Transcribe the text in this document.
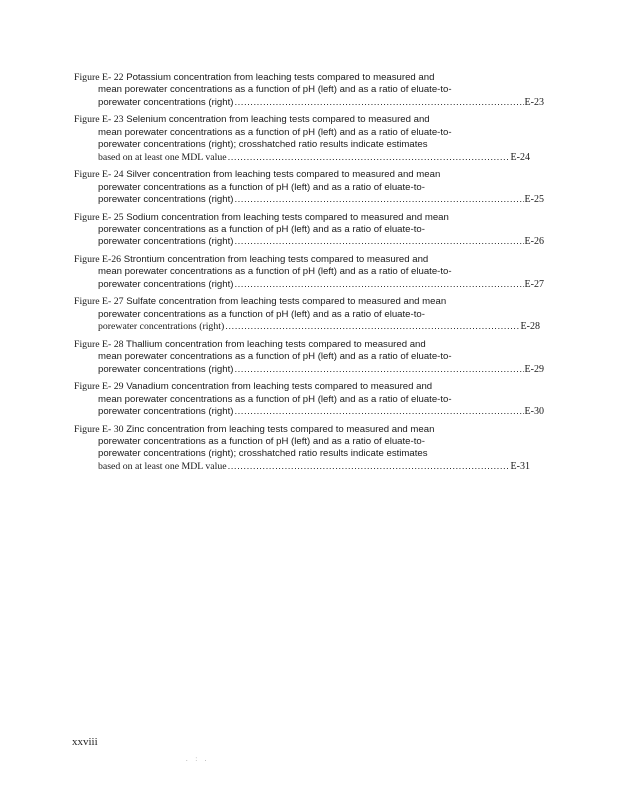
Figure E- 22 Potassium concentration from leaching tests compared to measured and
mean porewater concentrations as a function of pH (left) and as a ratio of eluate-to-
porewater concentrations (right) .....	E-23
Figure E- 23 Selenium concentration from leaching tests compared to measured and
mean porewater concentrations as a function of pH (left) and as a ratio of eluate-to-
porewater concentrations (right); crosshatched ratio results indicate estimates
based on at least one MDL value .....	E-24
Figure E- 24 Silver concentration from leaching tests compared to measured and mean
porewater concentrations as a function of pH (left) and as a ratio of eluate-to-
porewater concentrations (right) .....	E-25
Figure E- 25 Sodium concentration from leaching tests compared to measured and mean
porewater concentrations as a function of pH (left) and as a ratio of eluate-to-
porewater concentrations (right) .....	E-26
Figure E-26 Strontium concentration from leaching tests compared to measured and
mean porewater concentrations as a function of pH (left) and as a ratio of eluate-to-
porewater concentrations (right) .....	E-27
Figure E- 27 Sulfate concentration from leaching tests compared to measured and mean
porewater concentrations as a function of pH (left) and as a ratio of eluate-to-
porewater concentrations (right) .....	E-28
Figure E- 28 Thallium concentration from leaching tests compared to measured and
mean porewater concentrations as a function of pH (left) and as a ratio of eluate-to-
porewater concentrations (right) .....	E-29
Figure E- 29 Vanadium concentration from leaching tests compared to measured and
mean porewater concentrations as a function of pH (left) and as a ratio of eluate-to-
porewater concentrations (right) .....	E-30
Figure E- 30 Zinc concentration from leaching tests compared to measured and mean
porewater concentrations as a function of pH (left) and as a ratio of eluate-to-
porewater concentrations (right); crosshatched ratio results indicate estimates
based on at least one MDL value .....	E-31
xxviii
. : .
